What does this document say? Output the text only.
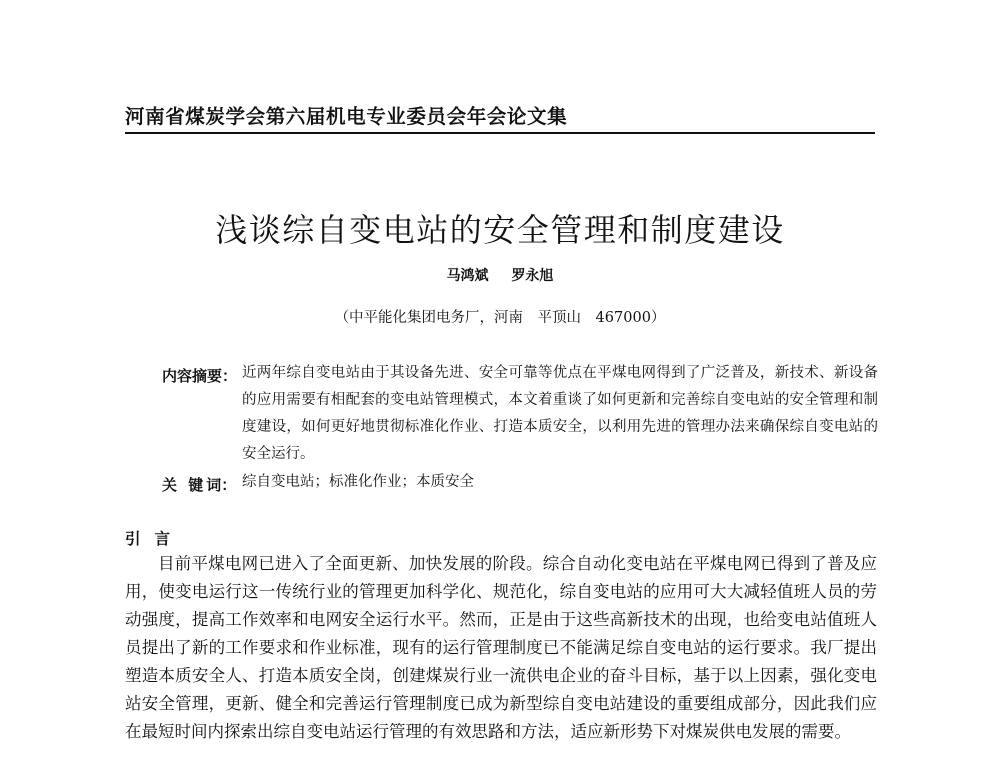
河南省煤炭学会第六届机电专业委员会年会论文集
浅谈综自变电站的安全管理和制度建设
马鸿斌 罗永旭
（中平能化集团电务厂，河南　平顶山　467000）
内容摘要： 近两年综自变电站由于其设备先进、安全可靠等优点在平煤电网得到了广泛普及，新技术、新设备的应用需要有相配套的变电站管理模式，本文着重谈了如何更新和完善综自变电站的安全管理和制度建设，如何更好地贯彻标准化作业、打造本质安全，以利用先进的管理办法来确保综自变电站的安全运行。
关 键词： 综自变电站；标准化作业；本质安全
引言
目前平煤电网已进入了全面更新、加快发展的阶段。综合自动化变电站在平煤电网已得到了普及应用，使变电运行这一传统行业的管理更加科学化、规范化，综自变电站的应用可大大减轻值班人员的劳动强度，提高工作效率和电网安全运行水平。然而，正是由于这些高新技术的出现，也给变电站值班人员提出了新的工作要求和作业标准，现有的运行管理制度已不能满足综自变电站的运行要求。我厂提出塑造本质安全人、打造本质安全岗，创建煤炭行业一流供电企业的奋斗目标，基于以上因素，强化变电站安全管理，更新、健全和完善运行管理制度已成为新型综自变电站建设的重要组成部分，因此我们应在最短时间内探索出综自变电站运行管理的有效思路和方法，适应新形势下对煤炭供电发展的需要。
